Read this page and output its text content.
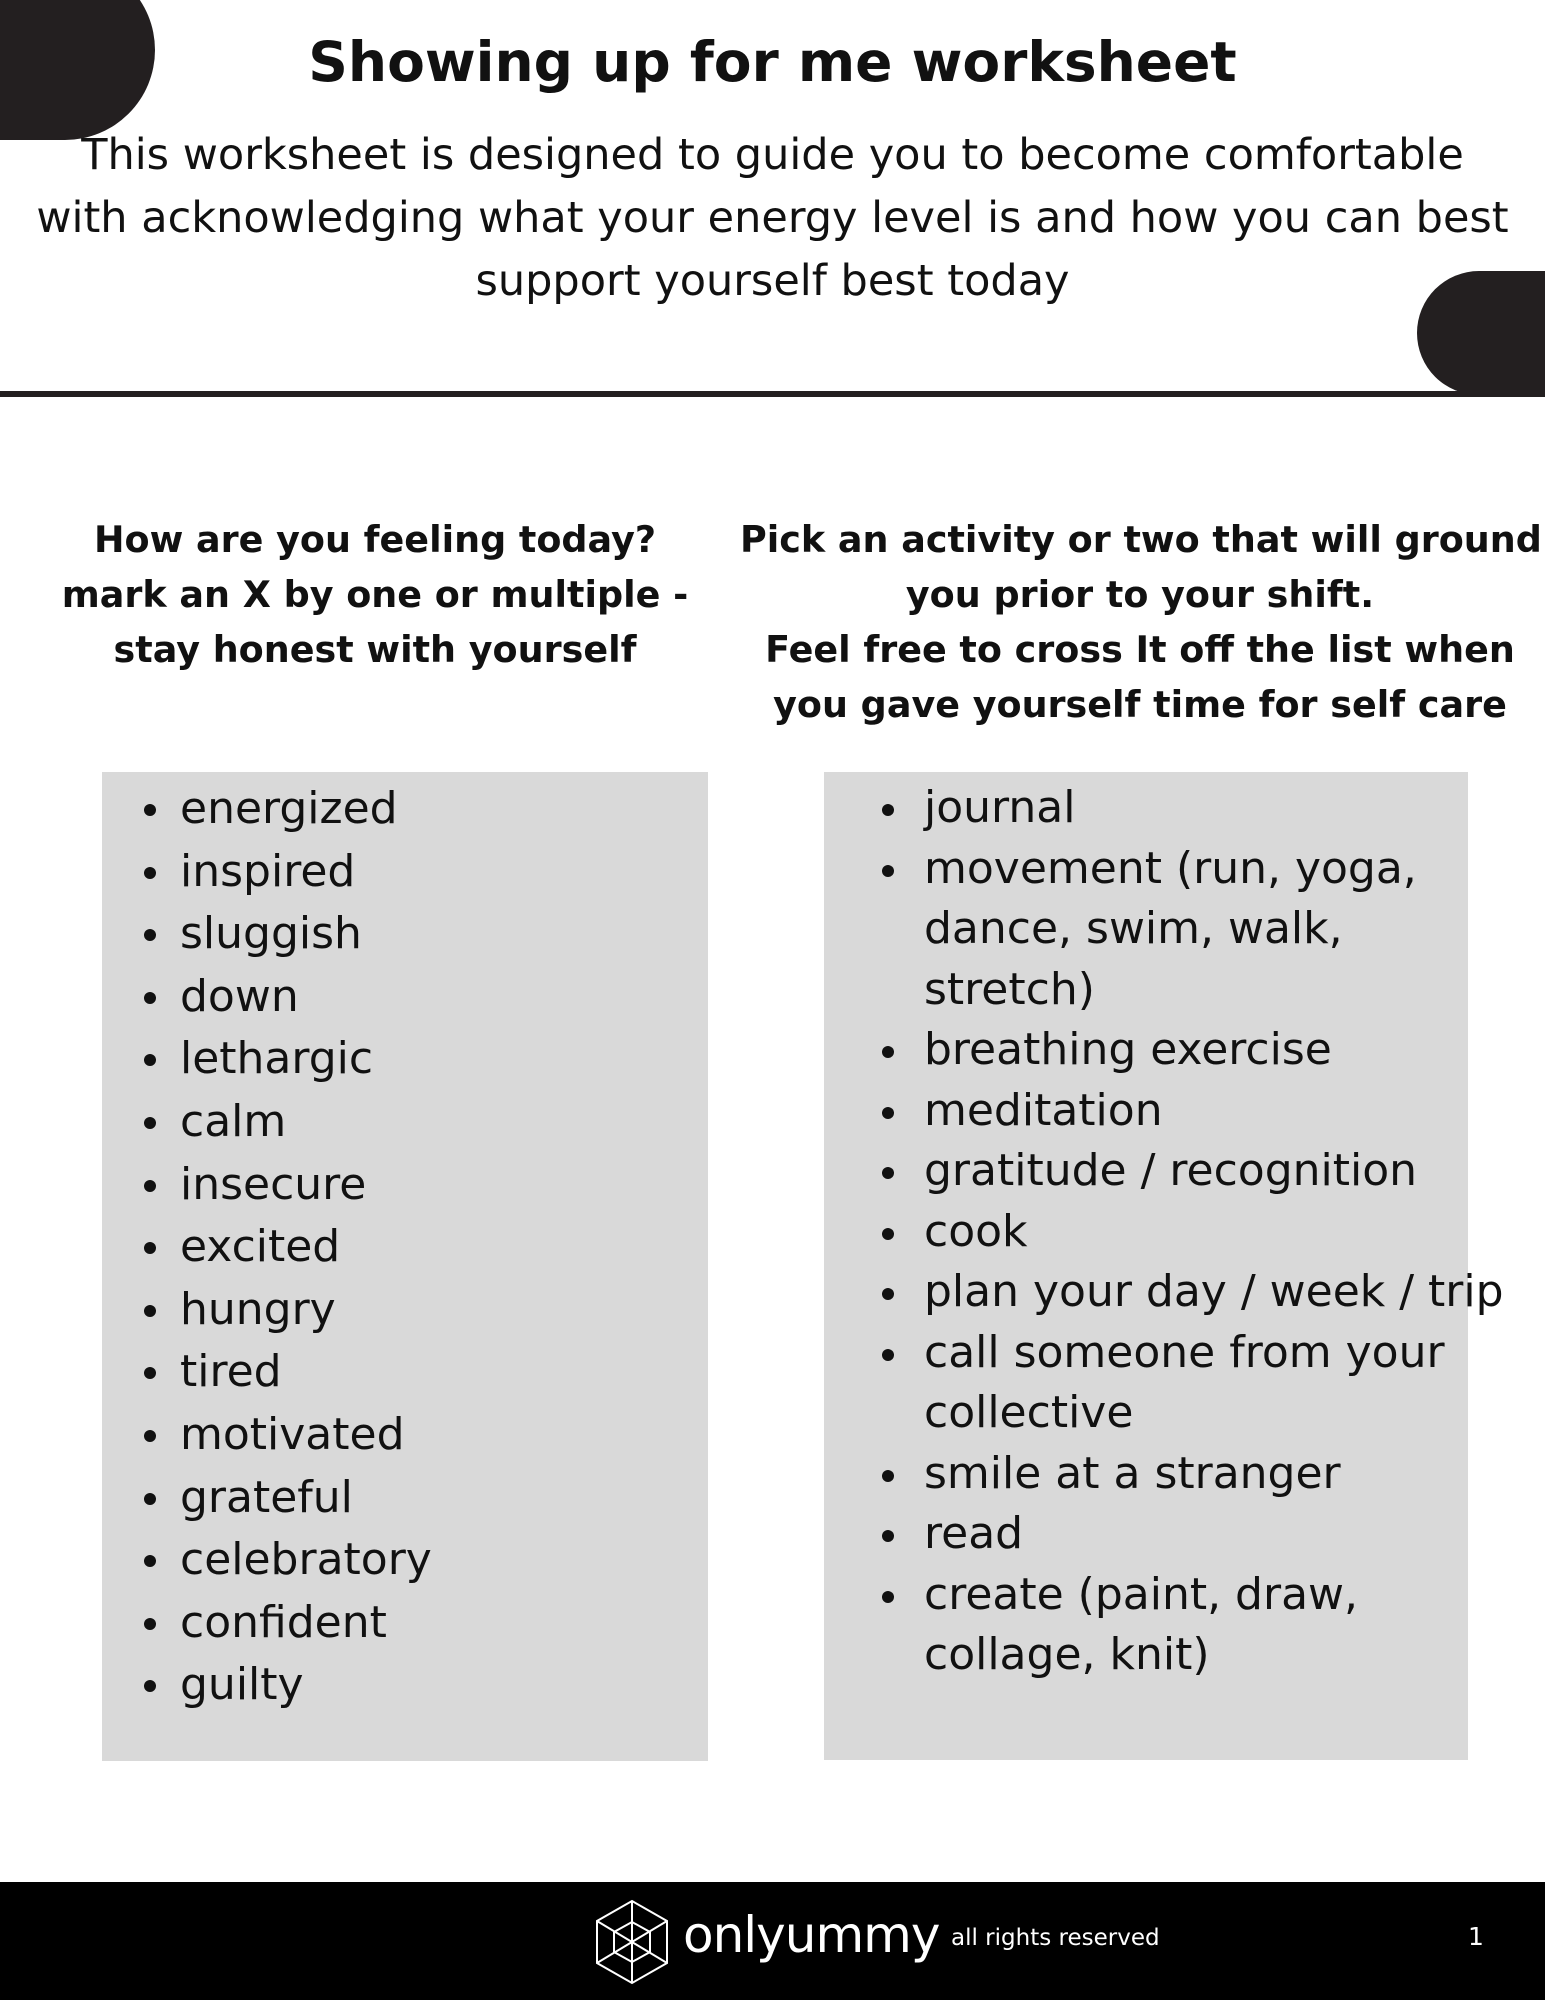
Showing up for me worksheet

This worksheet is designed to guide you to become comfortable with acknowledging what your energy level is and how you can best support yourself best today

How are you feeling today?
mark an X by one or multiple -
stay honest with yourself
Pick an activity or two that will ground
you prior to your shift.
Feel free to cross It off the list when
you gave yourself time for self care
energized
inspired
sluggish
down
lethargic
calm
insecure
excited
hungry
tired
motivated
grateful
celebratory
confident
guilty
journal
movement (run, yoga, dance, swim, walk, stretch)
breathing exercise
meditation
gratitude / recognition
cook
plan your day / week / trip
call someone from your collective
smile at a stranger
read
create (paint, draw, collage, knit)
onlyummy all rights reserved	1
